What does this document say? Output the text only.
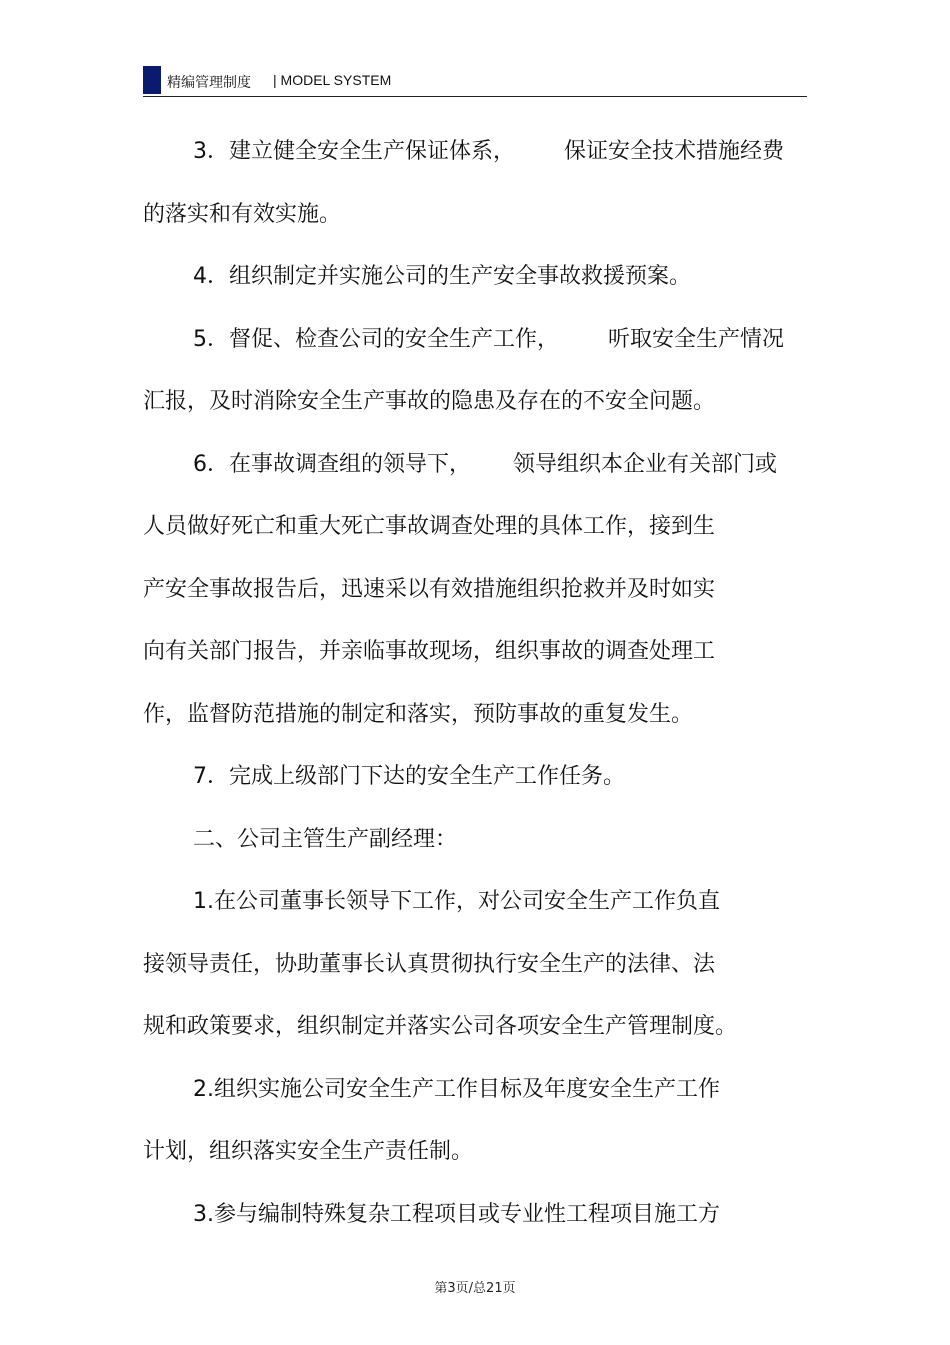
精编管理制度 | MODEL SYSTEM
3．建立健全安全生产保证体系，       保证安全技术措施经费
的落实和有效实施。
4．组织制定并实施公司的生产安全事故救援预案。
5．督促、检查公司的安全生产工作，       听取安全生产情况
汇报，及时消除安全生产事故的隐患及存在的不安全问题。
6．在事故调查组的领导下，      领导组织本企业有关部门或
人员做好死亡和重大死亡事故调查处理的具体工作，接到生
产安全事故报告后，迅速采以有效措施组织抢救并及时如实
向有关部门报告，并亲临事故现场，组织事故的调查处理工
作，监督防范措施的制定和落实，预防事故的重复发生。
7．完成上级部门下达的安全生产工作任务。
二、公司主管生产副经理：
1.在公司董事长领导下工作，对公司安全生产工作负直
接领导责任，协助董事长认真贯彻执行安全生产的法律、法
规和政策要求，组织制定并落实公司各项安全生产管理制度。
2.组织实施公司安全生产工作目标及年度安全生产工作
计划，组织落实安全生产责任制。
3.参与编制特殊复杂工程项目或专业性工程项目施工方
第3页/总21页
